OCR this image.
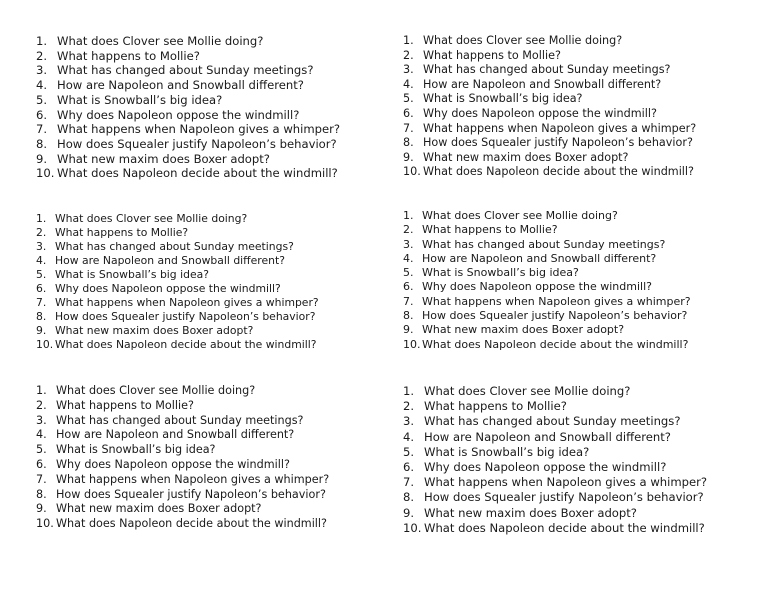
1. What does Clover see Mollie doing?
2. What happens to Mollie?
3. What has changed about Sunday meetings?
4. How are Napoleon and Snowball different?
5. What is Snowball’s big idea?
6. Why does Napoleon oppose the windmill?
7. What happens when Napoleon gives a whimper?
8. How does Squealer justify Napoleon’s behavior?
9. What new maxim does Boxer adopt?
10. What does Napoleon decide about the windmill?
1. What does Clover see Mollie doing?
2. What happens to Mollie?
3. What has changed about Sunday meetings?
4. How are Napoleon and Snowball different?
5. What is Snowball’s big idea?
6. Why does Napoleon oppose the windmill?
7. What happens when Napoleon gives a whimper?
8. How does Squealer justify Napoleon’s behavior?
9. What new maxim does Boxer adopt?
10. What does Napoleon decide about the windmill?
1. What does Clover see Mollie doing?
2. What happens to Mollie?
3. What has changed about Sunday meetings?
4. How are Napoleon and Snowball different?
5. What is Snowball’s big idea?
6. Why does Napoleon oppose the windmill?
7. What happens when Napoleon gives a whimper?
8. How does Squealer justify Napoleon’s behavior?
9. What new maxim does Boxer adopt?
10. What does Napoleon decide about the windmill?
1. What does Clover see Mollie doing?
2. What happens to Mollie?
3. What has changed about Sunday meetings?
4. How are Napoleon and Snowball different?
5. What is Snowball’s big idea?
6. Why does Napoleon oppose the windmill?
7. What happens when Napoleon gives a whimper?
8. How does Squealer justify Napoleon’s behavior?
9. What new maxim does Boxer adopt?
10. What does Napoleon decide about the windmill?
1. What does Clover see Mollie doing?
2. What happens to Mollie?
3. What has changed about Sunday meetings?
4. How are Napoleon and Snowball different?
5. What is Snowball’s big idea?
6. Why does Napoleon oppose the windmill?
7. What happens when Napoleon gives a whimper?
8. How does Squealer justify Napoleon’s behavior?
9. What new maxim does Boxer adopt?
10. What does Napoleon decide about the windmill?
1. What does Clover see Mollie doing?
2. What happens to Mollie?
3. What has changed about Sunday meetings?
4. How are Napoleon and Snowball different?
5. What is Snowball’s big idea?
6. Why does Napoleon oppose the windmill?
7. What happens when Napoleon gives a whimper?
8. How does Squealer justify Napoleon’s behavior?
9. What new maxim does Boxer adopt?
10. What does Napoleon decide about the windmill?
